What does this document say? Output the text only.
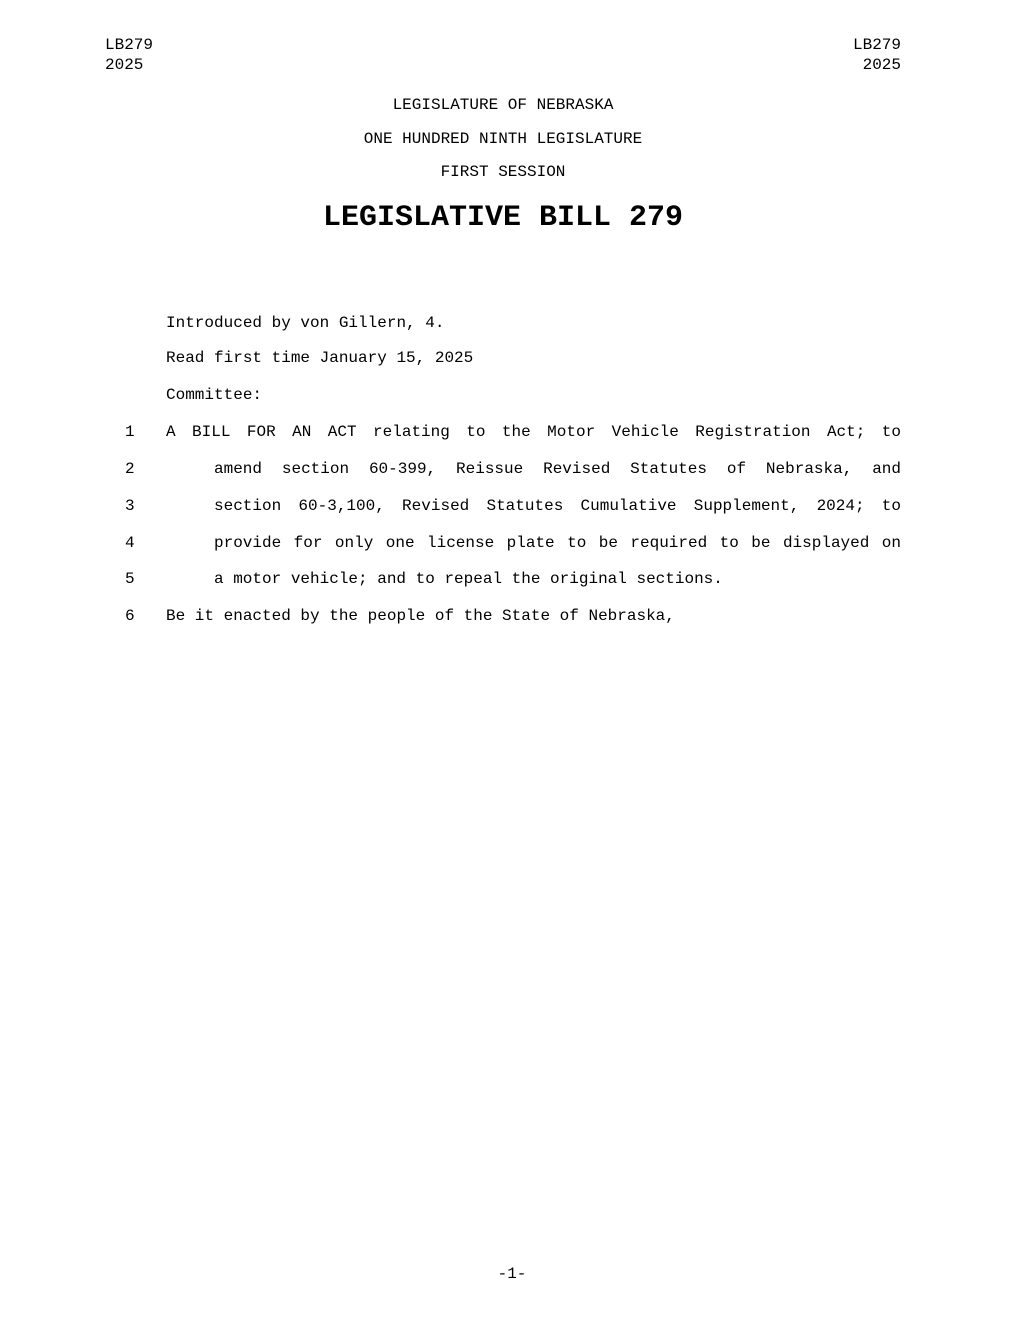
LB279
2025
LB279
2025
LEGISLATURE OF NEBRASKA
ONE HUNDRED NINTH LEGISLATURE
FIRST SESSION
LEGISLATIVE BILL 279
Introduced by von Gillern, 4.
Read first time January 15, 2025
Committee:
1 A BILL FOR AN ACT relating to the Motor Vehicle Registration Act; to
2	amend section 60-399, Reissue Revised Statutes of Nebraska, and
3	section 60-3,100, Revised Statutes Cumulative Supplement, 2024; to
4	provide for only one license plate to be required to be displayed on
5	a motor vehicle; and to repeal the original sections.
6 Be it enacted by the people of the State of Nebraska,
-1-
